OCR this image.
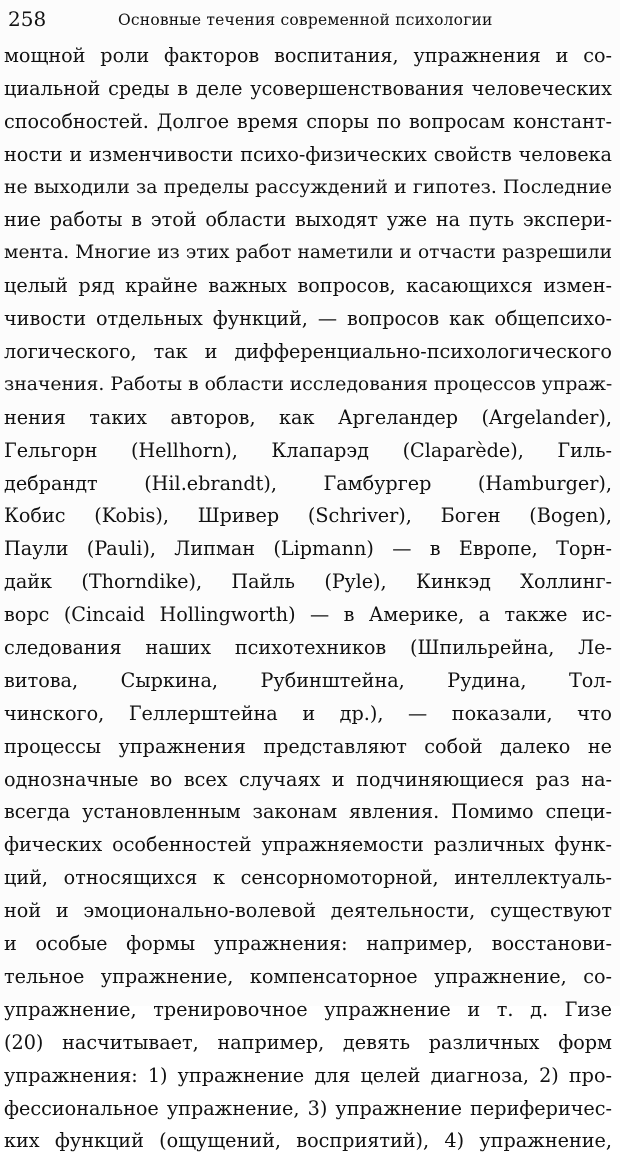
258	Основные течения современной психологии
мощной роли факторов воспитания, упражнения и со-
циальной среды в деле усовершенствования человеческих
способностей. Долгое время споры по вопросам констант-
ности и изменчивости психо-физических свойств человека
не выходили за пределы рассуждений и гипотез. Последние
ние работы в этой области выходят уже на путь экспери-
мента. Многие из этих работ наметили и отчасти разрешили
целый ряд крайне важных вопросов, касающихся измен-
чивости отдельных функций, — вопросов как общепсихо-
логического, так и дифференциально-психологического
значения. Работы в области исследования процессов упраж-
нения таких авторов, как Аргеландер (Argelander),
Гельгорн (Hellhorn), Клапарэд (Claparède), Гиль-
дебрандт (Hil.ebrandt), Гамбургер (Hamburger),
Кобис (Kobis), Шривер (Schriver), Боген (Bogen),
Паули (Pauli), Липман (Lipmann) — в Европе, Торн-
дайк (Thorndike), Пайль (Pyle), Кинкэд Холлинг-
ворс (Cincaid Hollingworth) — в Америке, а также ис-
следования наших психотехников (Шпильрейна, Ле-
витова, Сыркина, Рубинштейна, Рудина, Тол-
чинского, Геллерштейна и др.), — показали, что
процессы упражнения представляют собой далеко не
однозначные во всех случаях и подчиняющиеся раз на-
всегда установленным законам явления. Помимо специ-
фических особенностей упражняемости различных функ-
ций, относящихся к сенсорномоторной, интеллектуаль-
ной и эмоционально-волевой деятельности, существуют
и особые формы упражнения: например, восстанови-
тельное упражнение, компенсаторное упражнение, со-
упражнение, тренировочное упражнение и т. д. Гизе
(20) насчитывает, например, девять различных форм
упражнения: 1) упражнение для целей диагноза, 2) про-
фессиональное упражнение, 3) упражнение периферичес-
ких функций (ощущений, восприятий), 4) упражнение,
